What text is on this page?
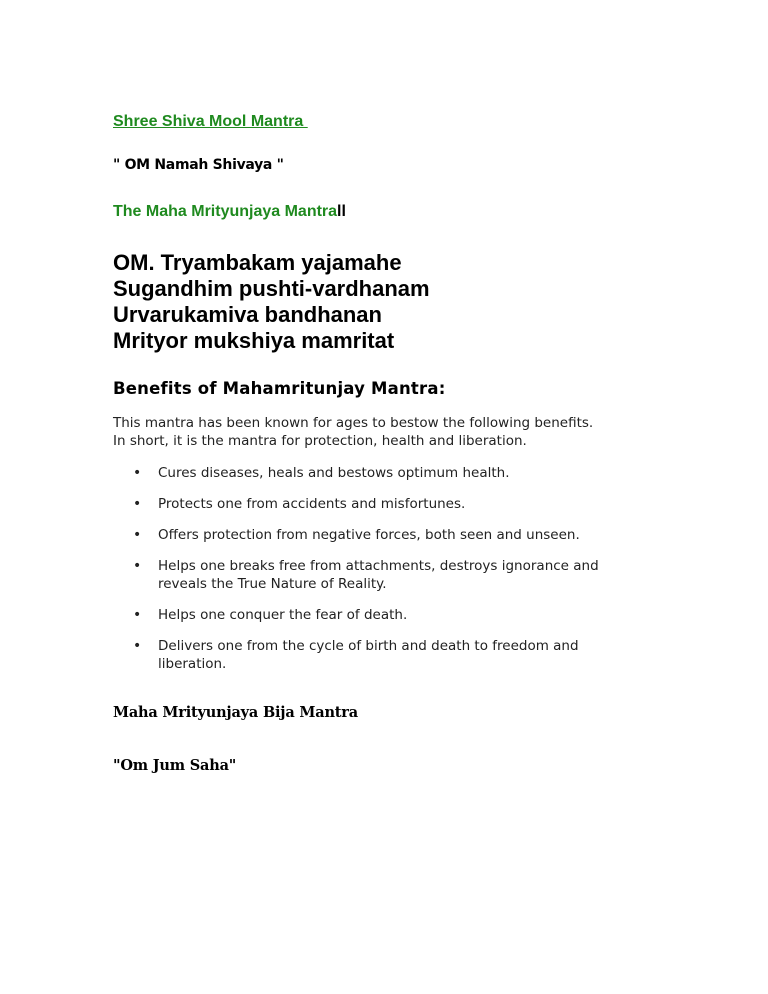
Shree Shiva Mool Mantra
" OM Namah Shivaya "
The Maha Mrityunjaya Mantrall
OM. Tryambakam yajamahe
Sugandhim pushti-vardhanam
Urvarukamiva bandhanan
Mrityor mukshiya mamritat
Benefits of Mahamritunjay Mantra:
This mantra has been known for ages to bestow the following benefits.
In short, it is the mantra for protection, health and liberation.
• Cures diseases, heals and bestows optimum health.
• Protects one from accidents and misfortunes.
• Offers protection from negative forces, both seen and unseen.
• Helps one breaks free from attachments, destroys ignorance and
reveals the True Nature of Reality.
• Helps one conquer the fear of death.
• Delivers one from the cycle of birth and death to freedom and
liberation.
Maha Mrityunjaya Bija Mantra
"Om Jum Saha"
